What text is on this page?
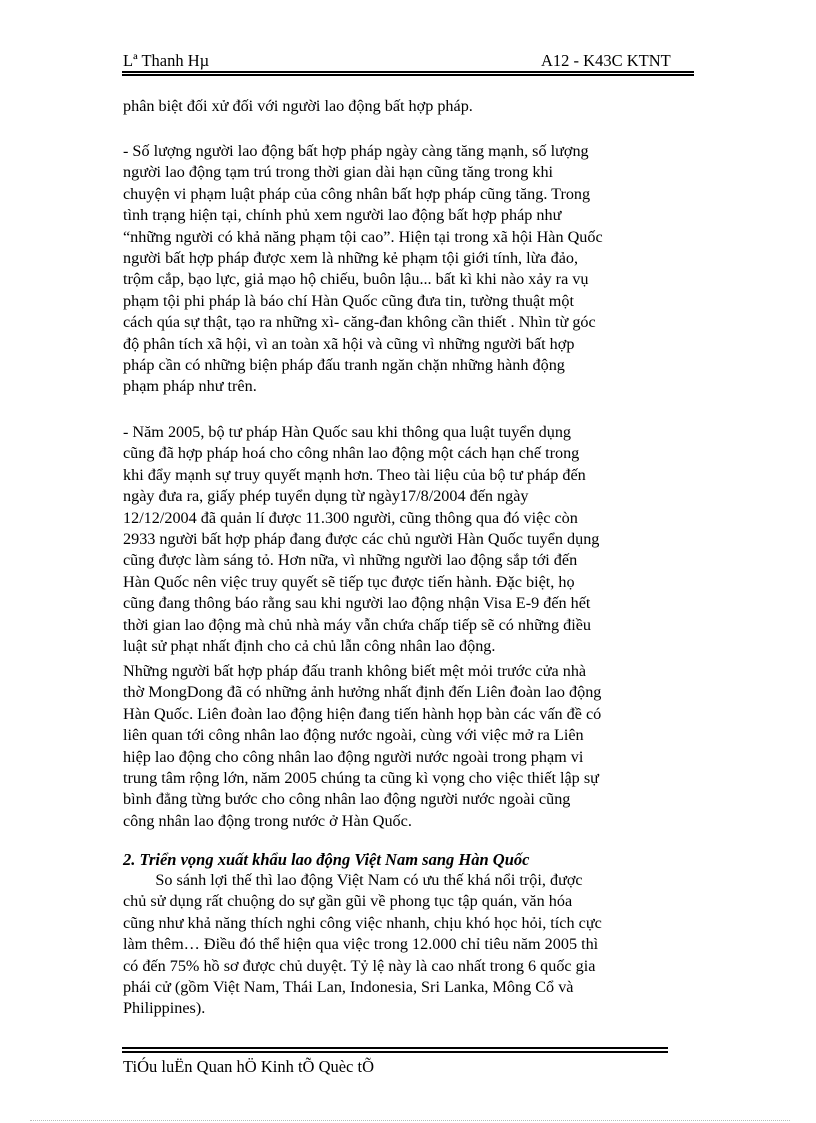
Lª Thanh Hµ	A12 - K43C KTNT
phân biệt đối xử đối với người lao động bất hợp pháp.
- Số lượng người lao động bất hợp pháp ngày càng tăng mạnh, số lượng
người lao động tạm trú trong thời gian dài hạn cũng tăng trong khi
chuyện vi phạm luật pháp của công nhân bất hợp pháp cũng tăng. Trong
tình trạng hiện tại, chính phủ xem người lao động bất hợp pháp như
“những người có khả năng phạm tội cao”. Hiện tại trong xã hội Hàn Quốc
người bất hợp pháp được xem là những kẻ phạm tội giới tính, lừa đảo,
trộm cắp, bạo lực, giả mạo hộ chiếu, buôn lậu... bất kì khi nào xảy ra vụ
phạm tội phi pháp là báo chí Hàn Quốc cũng đưa tin, tường thuật một
cách qúa sự thật, tạo ra những xì- căng-đan không cần thiết . Nhìn từ góc
độ phân tích xã hội, vì an toàn xã hội và cũng vì những người bất hợp
pháp cần có những biện pháp đấu tranh ngăn chặn những hành động
phạm pháp như trên.
- Năm 2005, bộ tư pháp Hàn Quốc sau khi thông qua luật tuyển dụng
cũng đã hợp pháp hoá cho công nhân lao động một cách hạn chế trong
khi đẩy mạnh sự truy quyết mạnh hơn. Theo tài liệu của bộ tư pháp đến
ngày đưa ra, giấy phép tuyển dụng từ ngày17/8/2004 đến ngày
12/12/2004 đã quản lí được 11.300 người, cũng thông qua đó việc còn
2933 người bất hợp pháp đang được các chủ người Hàn Quốc tuyển dụng
cũng được làm sáng tỏ. Hơn nữa, vì những người lao động sắp tới đến
Hàn Quốc nên việc truy quyết sẽ tiếp tục được tiến hành. Đặc biệt, họ
cũng đang thông báo rằng sau khi người lao động nhận Visa E-9 đến hết
thời gian lao động mà chủ nhà máy vẫn chứa chấp tiếp sẽ có những điều
luật sử phạt nhất định cho cả chủ lẫn công nhân lao động.
Những người bất hợp pháp đấu tranh không biết mệt mỏi trước cửa nhà
thờ MongDong đã có những ảnh hưởng nhất định đến Liên đoàn lao động
Hàn Quốc. Liên đoàn lao động hiện đang tiến hành họp bàn các vấn đề có
liên quan tới công nhân lao động nước ngoài, cùng với việc mở ra Liên
hiệp lao động cho công nhân lao động người nước ngoài trong phạm vi
trung tâm rộng lớn, năm 2005 chúng ta cũng kì vọng cho việc thiết lập sự
bình đẳng từng bước cho công nhân lao động người nước ngoài cũng
công nhân lao động trong nước ở Hàn Quốc.
2. Triển vọng xuất khẩu lao động Việt Nam sang Hàn Quốc
So sánh lợi thế thì lao động Việt Nam có ưu thế khá nổi trội, được
chủ sử dụng rất chuộng do sự gần gũi về phong tục tập quán, văn hóa
cũng như khả năng thích nghi công việc nhanh, chịu khó học hỏi, tích cực
làm thêm… Điều đó thể hiện qua việc trong 12.000 chỉ tiêu năm 2005 thì
có đến 75% hồ sơ được chủ duyệt. Tỷ lệ này là cao nhất trong 6 quốc gia
phái cử (gồm Việt Nam, Thái Lan, Indonesia, Sri Lanka, Mông Cổ và
Philippines).
TiÓu luËn Quan hÖ Kinh tÕ Quèc tÕ
